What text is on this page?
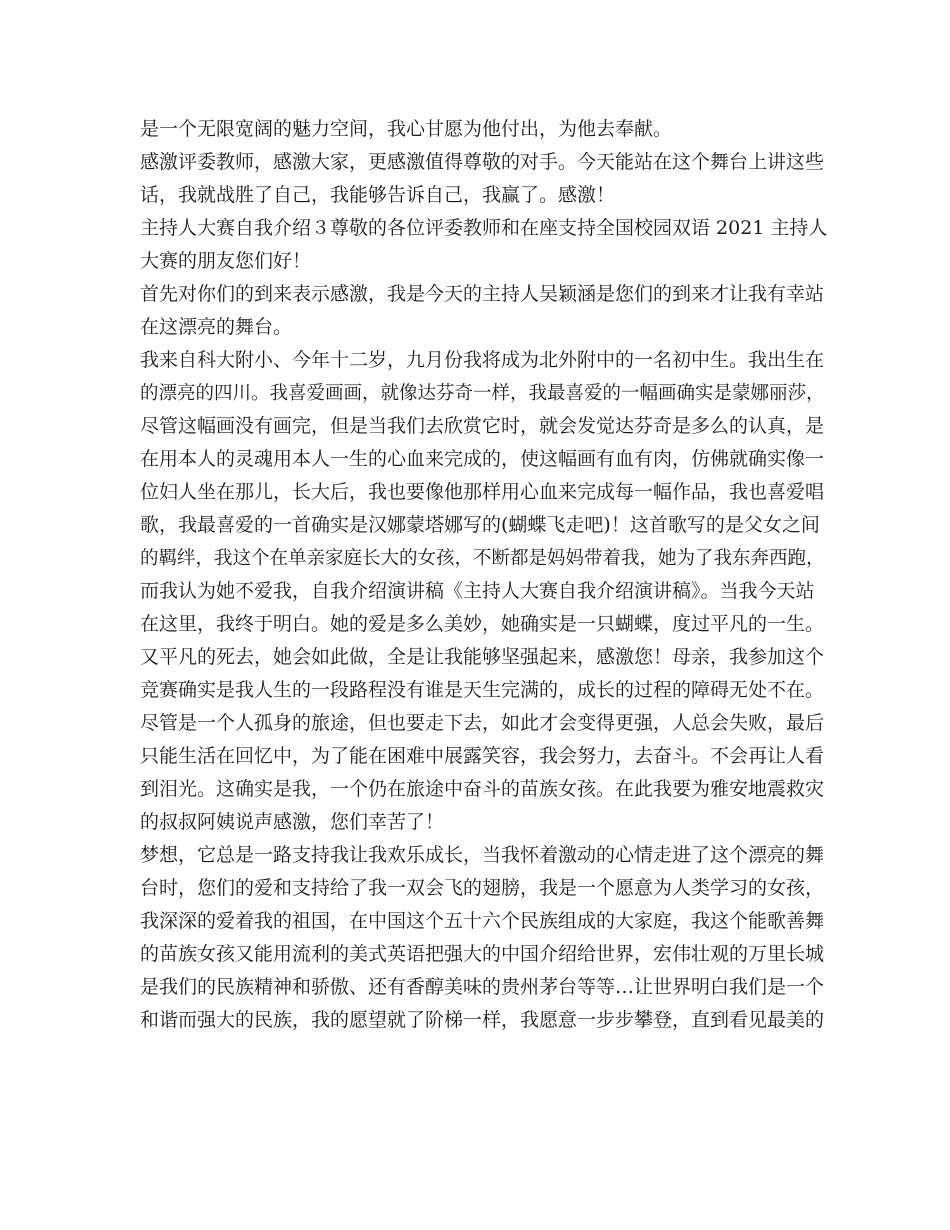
是一个无限宽阔的魅力空间，我心甘愿为他付出，为他去奉献。
感激评委教师，感激大家，更感激值得尊敬的对手。今天能站在这个舞台上讲这些
话，我就战胜了自己，我能够告诉自己，我赢了。感激！
主持人大赛自我介绍３尊敬的各位评委教师和在座支持全国校园双语 2021 主持人
大赛的朋友您们好！
首先对你们的到来表示感激，我是今天的主持人吴颖涵是您们的到来才让我有幸站
在这漂亮的舞台。
我来自科大附小、今年十二岁，九月份我将成为北外附中的一名初中生。我出生在
的漂亮的四川。我喜爱画画，就像达芬奇一样，我最喜爱的一幅画确实是蒙娜丽莎，
尽管这幅画没有画完，但是当我们去欣赏它时，就会发觉达芬奇是多么的认真，是
在用本人的灵魂用本人一生的心血来完成的，使这幅画有血有肉，仿佛就确实像一
位妇人坐在那儿，长大后，我也要像他那样用心血来完成每一幅作品，我也喜爱唱
歌，我最喜爱的一首确实是汉娜蒙塔娜写的(蝴蝶飞走吧)！这首歌写的是父女之间
的羁绊，我这个在单亲家庭长大的女孩，不断都是妈妈带着我，她为了我东奔西跑，
而我认为她不爱我，自我介绍演讲稿《主持人大赛自我介绍演讲稿》。当我今天站
在这里，我终于明白。她的爱是多么美妙，她确实是一只蝴蝶，度过平凡的一生。
又平凡的死去，她会如此做，全是让我能够坚强起来，感激您！母亲，我参加这个
竞赛确实是我人生的一段路程没有谁是天生完满的，成长的过程的障碍无处不在。
尽管是一个人孤身的旅途，但也要走下去，如此才会变得更强，人总会失败，最后
只能生活在回忆中，为了能在困难中展露笑容，我会努力，去奋斗。不会再让人看
到泪光。这确实是我，一个仍在旅途中奋斗的苗族女孩。在此我要为雅安地震救灾
的叔叔阿姨说声感激，您们幸苦了！
梦想，它总是一路支持我让我欢乐成长，当我怀着激动的心情走进了这个漂亮的舞
台时，您们的爱和支持给了我一双会飞的翅膀，我是一个愿意为人类学习的女孩，
我深深的爱着我的祖国，在中国这个五十六个民族组成的大家庭，我这个能歌善舞
的苗族女孩又能用流利的美式英语把强大的中国介绍给世界，宏伟壮观的万里长城
是我们的民族精神和骄傲、还有香醇美味的贵州茅台等等…让世界明白我们是一个
和谐而强大的民族，我的愿望就了阶梯一样，我愿意一步步攀登，直到看见最美的
